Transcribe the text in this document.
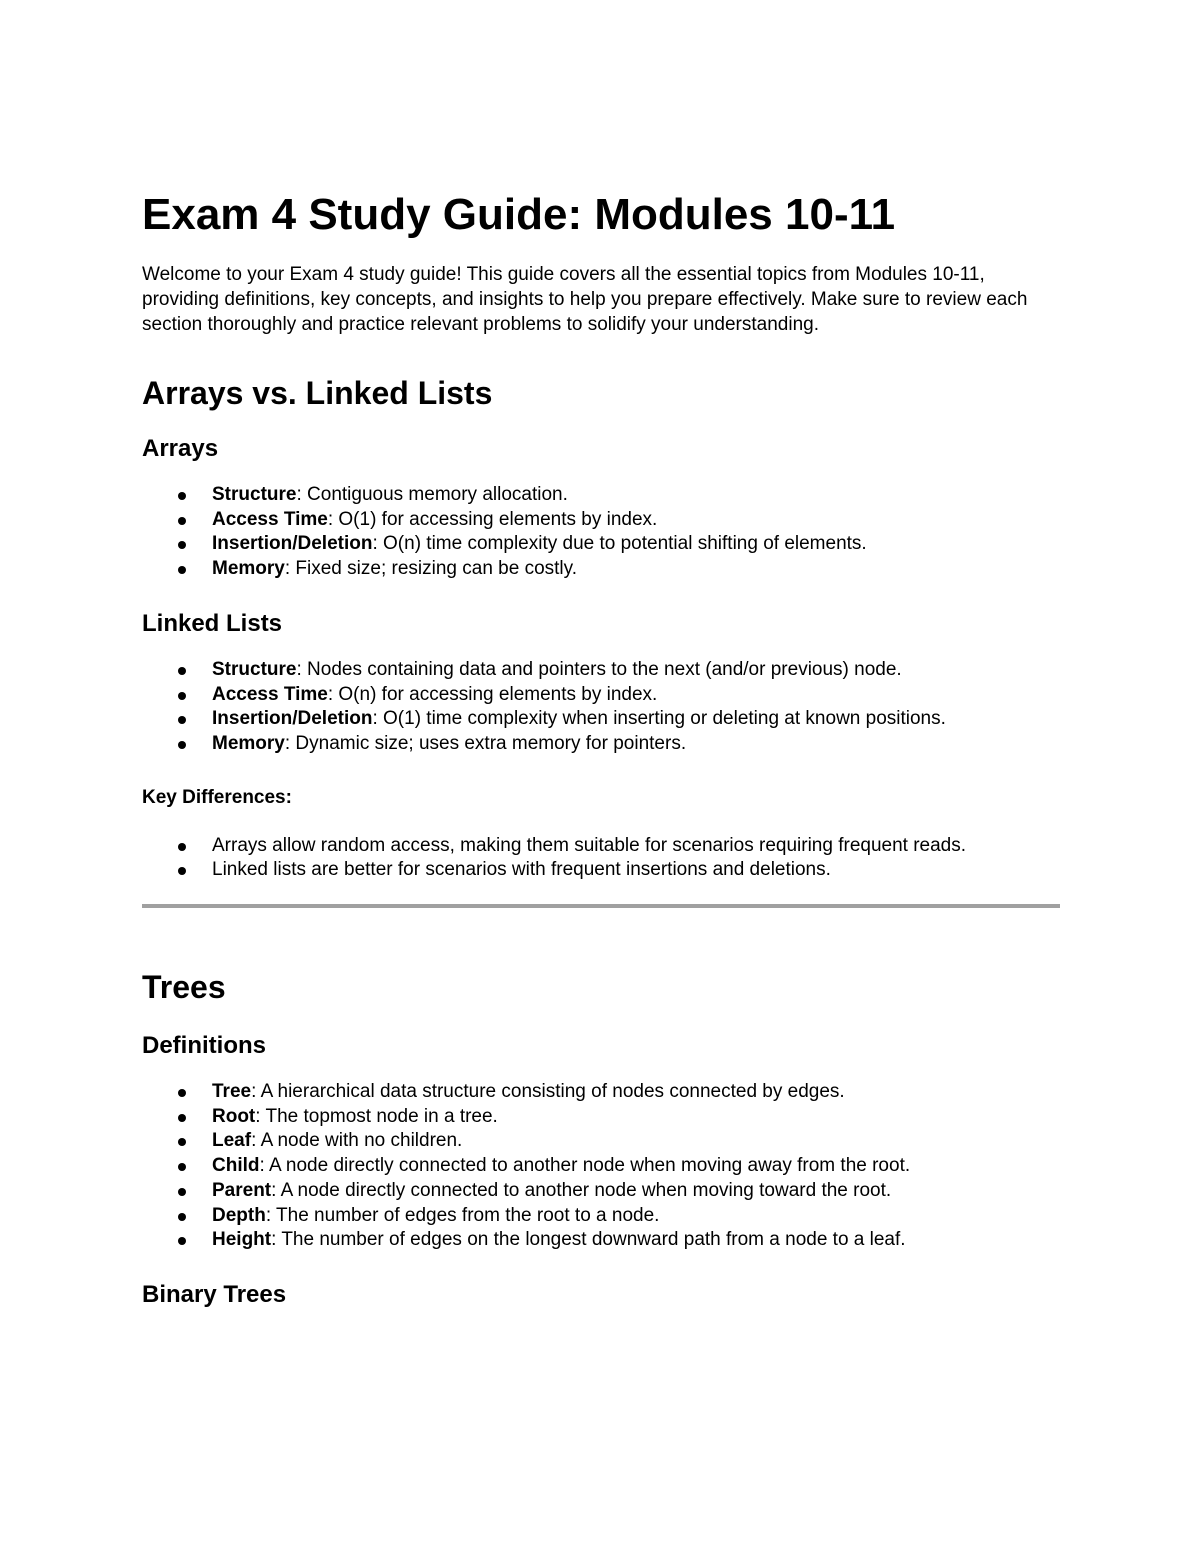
Exam 4 Study Guide: Modules 10-11

Welcome to your Exam 4 study guide! This guide covers all the essential topics from Modules 10-11, providing definitions, key concepts, and insights to help you prepare effectively. Make sure to review each section thoroughly and practice relevant problems to solidify your understanding.

Arrays vs. Linked Lists
Arrays
Structure: Contiguous memory allocation.
Access Time: O(1) for accessing elements by index.
Insertion/Deletion: O(n) time complexity due to potential shifting of elements.
Memory: Fixed size; resizing can be costly.
Linked Lists
Structure: Nodes containing data and pointers to the next (and/or previous) node.
Access Time: O(n) for accessing elements by index.
Insertion/Deletion: O(1) time complexity when inserting or deleting at known positions.
Memory: Dynamic size; uses extra memory for pointers.
Key Differences:
Arrays allow random access, making them suitable for scenarios requiring frequent reads.
Linked lists are better for scenarios with frequent insertions and deletions.
Trees
Definitions
Tree: A hierarchical data structure consisting of nodes connected by edges.
Root: The topmost node in a tree.
Leaf: A node with no children.
Child: A node directly connected to another node when moving away from the root.
Parent: A node directly connected to another node when moving toward the root.
Depth: The number of edges from the root to a node.
Height: The number of edges on the longest downward path from a node to a leaf.
Binary Trees
